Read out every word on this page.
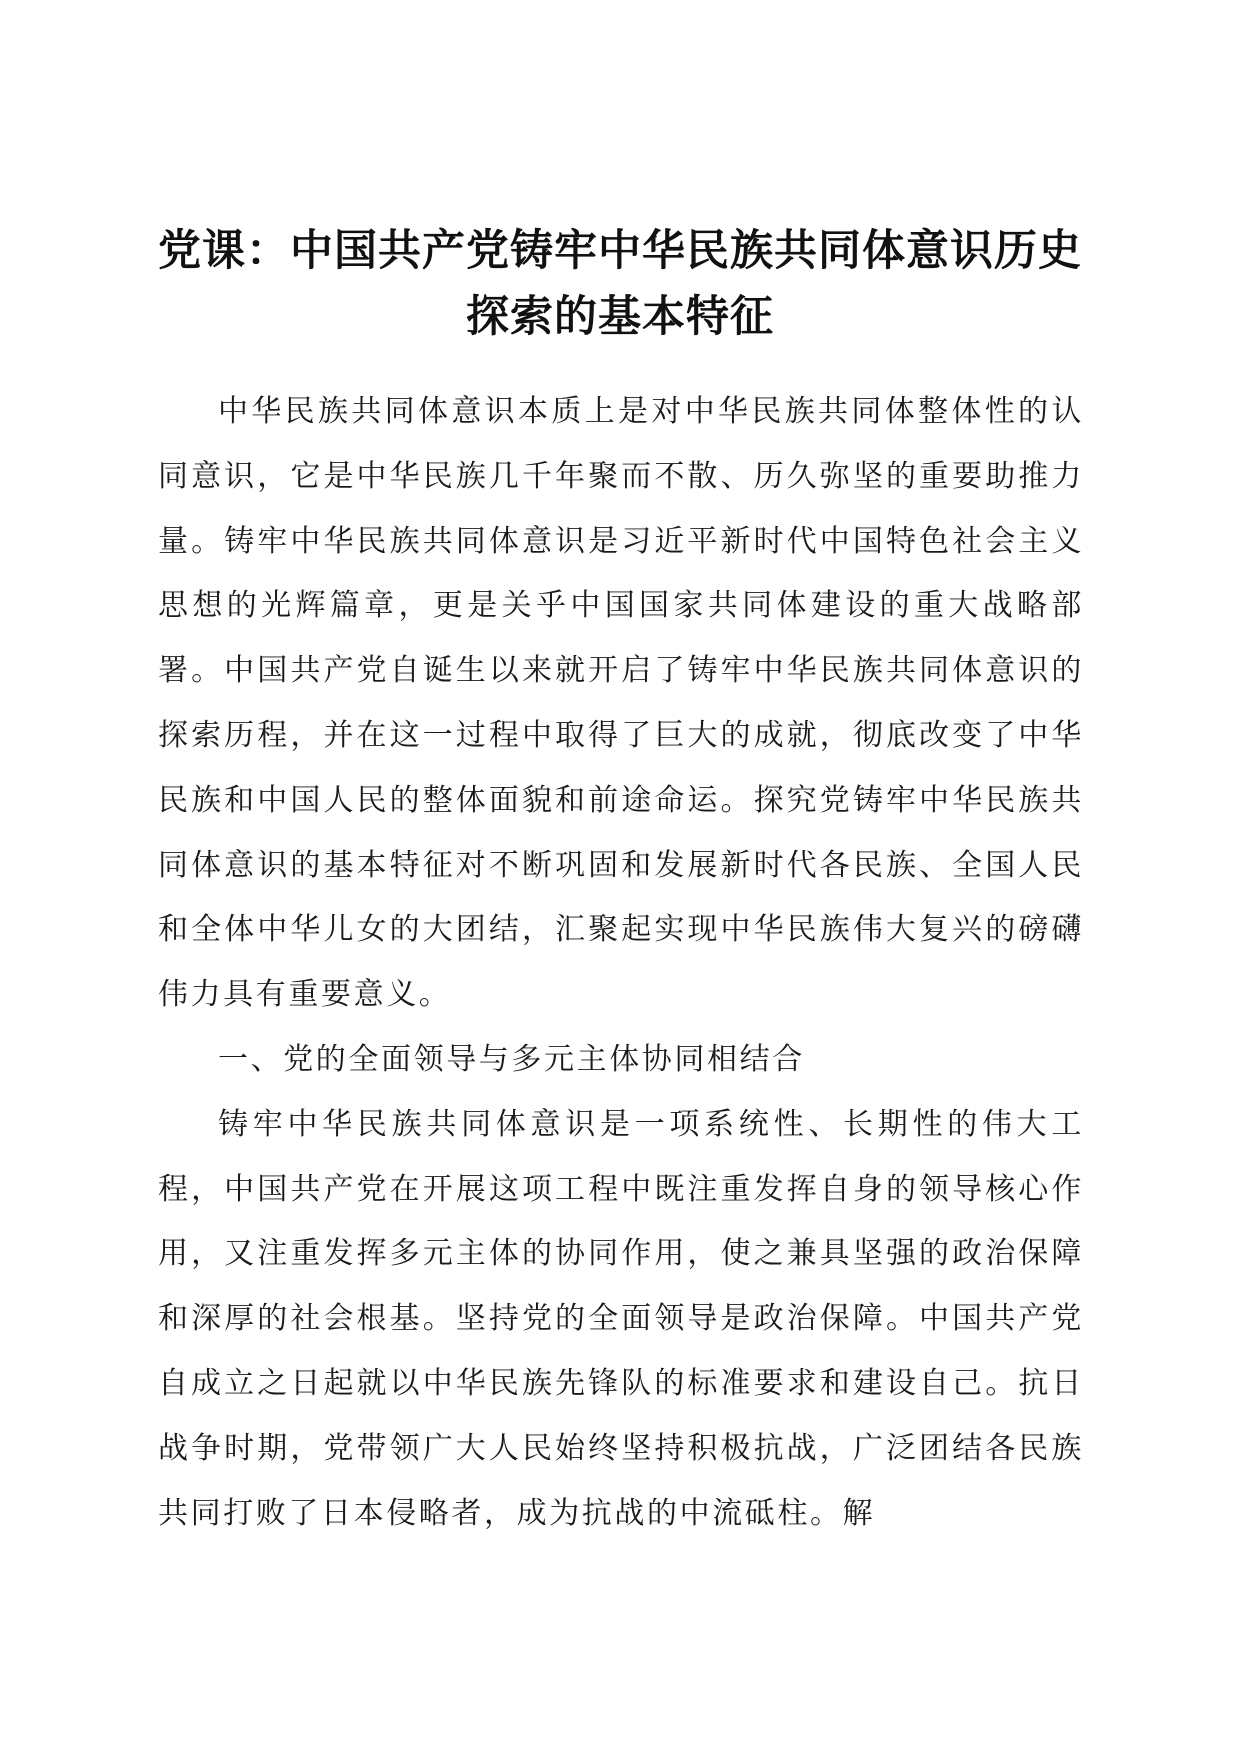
党课：中国共产党铸牢中华民族共同体意识历史探索的基本特征

中华民族共同体意识本质上是对中华民族共同体整体性的认同意识，它是中华民族几千年聚而不散、历久弥坚的重要助推力量。铸牢中华民族共同体意识是习近平新时代中国特色社会主义思想的光辉篇章，更是关乎中国国家共同体建设的重大战略部署。中国共产党自诞生以来就开启了铸牢中华民族共同体意识的探索历程，并在这一过程中取得了巨大的成就，彻底改变了中华民族和中国人民的整体面貌和前途命运。探究党铸牢中华民族共同体意识的基本特征对不断巩固和发展新时代各民族、全国人民和全体中华儿女的大团结，汇聚起实现中华民族伟大复兴的磅礴伟力具有重要意义。

一、党的全面领导与多元主体协同相结合

铸牢中华民族共同体意识是一项系统性、长期性的伟大工程，中国共产党在开展这项工程中既注重发挥自身的领导核心作用，又注重发挥多元主体的协同作用，使之兼具坚强的政治保障和深厚的社会根基。坚持党的全面领导是政治保障。中国共产党自成立之日起就以中华民族先锋队的标准要求和建设自己。抗日战争时期，党带领广大人民始终坚持积极抗战，广泛团结各民族共同打败了日本侵略者，成为抗战的中流砥柱。解
